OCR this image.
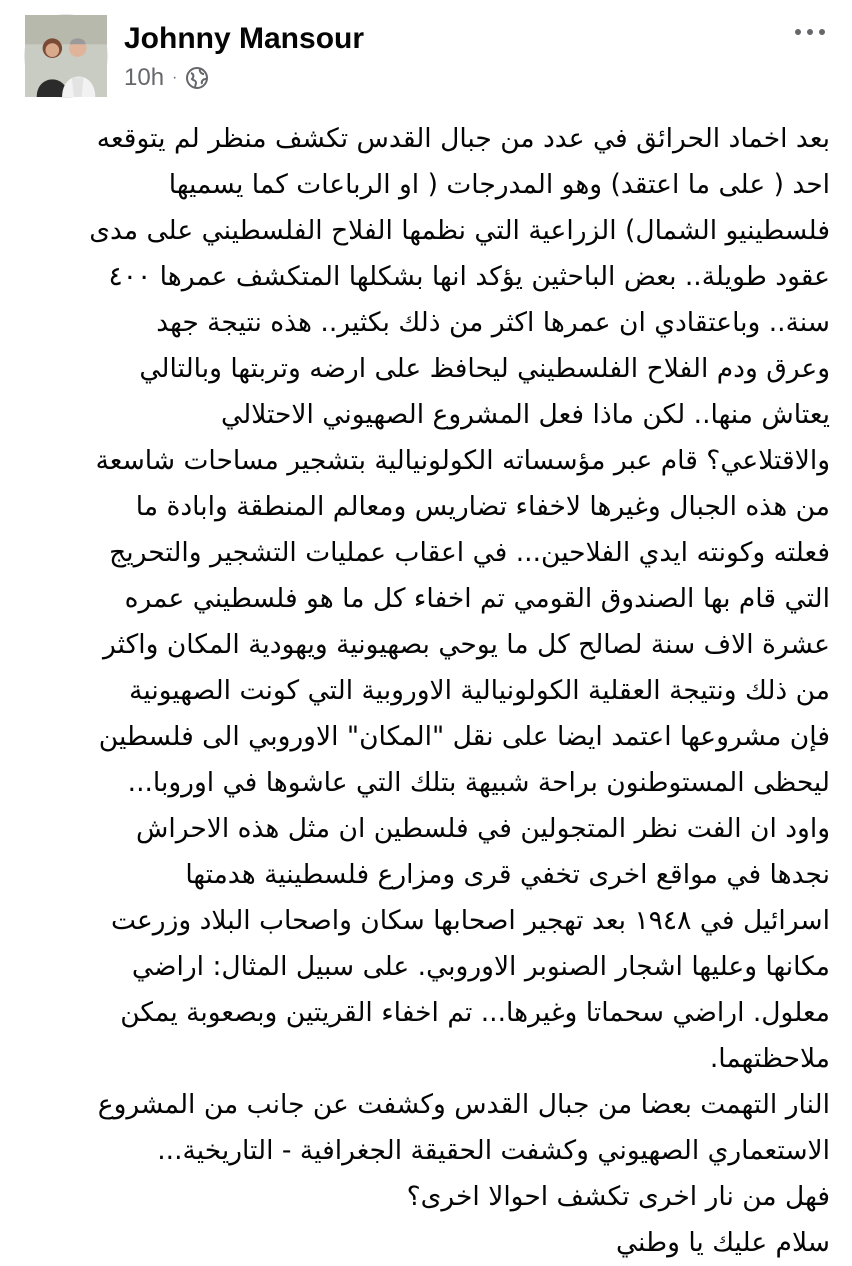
Johnny Mansour
10h ·
بعد اخماد الحرائق في عدد من جبال القدس تكشف منظر لم يتوقعه
احد ( على ما اعتقد) وهو المدرجات ( او الرباعات كما يسميها
فلسطينيو الشمال) الزراعية التي نظمها الفلاح الفلسطيني على مدى
عقود طويلة.. بعض الباحثين يؤكد انها بشكلها المتكشف عمرها ٤٠٠
سنة.. وباعتقادي ان عمرها اكثر من ذلك بكثير.. هذه نتيجة جهد
وعرق ودم الفلاح الفلسطيني ليحافظ على ارضه وتربتها وبالتالي
يعتاش منها.. لكن ماذا فعل المشروع الصهيوني الاحتلالي
والاقتلاعي؟ قام عبر مؤسساته الكولونيالية بتشجير مساحات شاسعة
من هذه الجبال وغيرها لاخفاء تضاريس ومعالم المنطقة وابادة ما
فعلته وكونته ايدي الفلاحين... في اعقاب عمليات التشجير والتحريج
التي قام بها الصندوق القومي تم اخفاء كل ما هو فلسطيني عمره
عشرة الاف سنة لصالح كل ما يوحي بصهيونية ويهودية المكان واكثر
من ذلك ونتيجة العقلية الكولونيالية الاوروبية التي كونت الصهيونية
فإن مشروعها اعتمد ايضا على نقل "المكان" الاوروبي الى فلسطين
ليحظى المستوطنون براحة شبيهة بتلك التي عاشوها في اوروبا...
واود ان الفت نظر المتجولين في فلسطين ان مثل هذه الاحراش
نجدها في مواقع اخرى تخفي قرى ومزارع فلسطينية هدمتها
اسرائيل في ١٩٤٨ بعد تهجير اصحابها سكان واصحاب البلاد وزرعت
مكانها وعليها اشجار الصنوبر الاوروبي. على سبيل المثال: اراضي
معلول. اراضي سحماتا وغيرها... تم اخفاء القريتين وبصعوبة يمكن
ملاحظتهما.
النار التهمت بعضا من جبال القدس وكشفت عن جانب من المشروع
الاستعماري الصهيوني وكشفت الحقيقة الجغرافية - التاريخية...
فهل من نار اخرى تكشف احوالا اخرى؟
سلام عليك يا وطني
